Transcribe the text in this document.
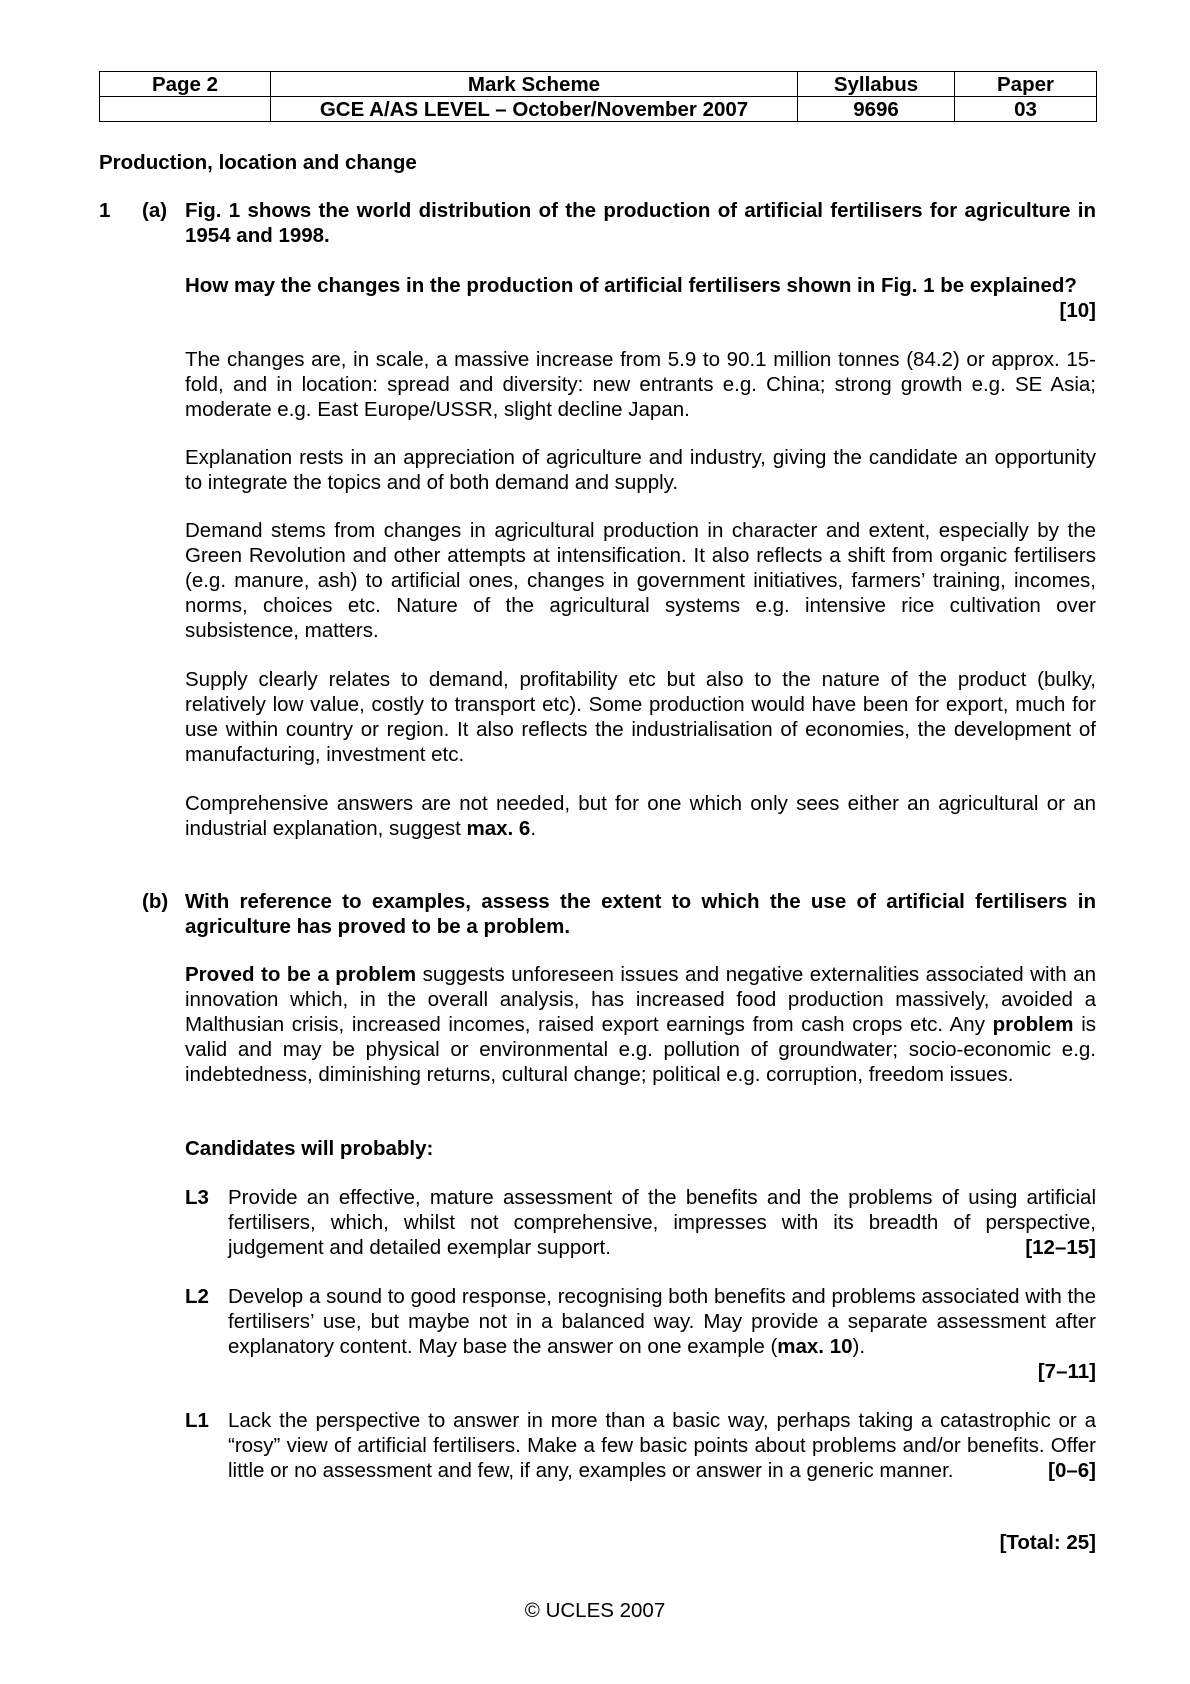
Page 2	Mark Scheme	Syllabus	Paper
	GCE A/AS LEVEL – October/November 2007	9696	03
Production, location and change
1 (a) Fig. 1 shows the world distribution of the production of artificial fertilisers for agriculture in 1954 and 1998.
How may the changes in the production of artificial fertilisers shown in Fig. 1 be explained?
[10]
The changes are, in scale, a massive increase from 5.9 to 90.1 million tonnes (84.2) or approx. 15-fold, and in location: spread and diversity: new entrants e.g. China; strong growth e.g. SE Asia; moderate e.g. East Europe/USSR, slight decline Japan.
Explanation rests in an appreciation of agriculture and industry, giving the candidate an opportunity to integrate the topics and of both demand and supply.
Demand stems from changes in agricultural production in character and extent, especially by the Green Revolution and other attempts at intensification. It also reflects a shift from organic fertilisers (e.g. manure, ash) to artificial ones, changes in government initiatives, farmers’ training, incomes, norms, choices etc. Nature of the agricultural systems e.g. intensive rice cultivation over subsistence, matters.
Supply clearly relates to demand, profitability etc but also to the nature of the product (bulky, relatively low value, costly to transport etc). Some production would have been for export, much for use within country or region. It also reflects the industrialisation of economies, the development of manufacturing, investment etc.
Comprehensive answers are not needed, but for one which only sees either an agricultural or an industrial explanation, suggest max. 6.
(b) With reference to examples, assess the extent to which the use of artificial fertilisers in agriculture has proved to be a problem.
Proved to be a problem suggests unforeseen issues and negative externalities associated with an innovation which, in the overall analysis, has increased food production massively, avoided a Malthusian crisis, increased incomes, raised export earnings from cash crops etc. Any problem is valid and may be physical or environmental e.g. pollution of groundwater; socio-economic e.g. indebtedness, diminishing returns, cultural change; political e.g. corruption, freedom issues.
Candidates will probably:
L3 Provide an effective, mature assessment of the benefits and the problems of using artificial fertilisers, which, whilst not comprehensive, impresses with its breadth of perspective, judgement and detailed exemplar support.	[12–15]
L2 Develop a sound to good response, recognising both benefits and problems associated with the fertilisers’ use, but maybe not in a balanced way. May provide a separate assessment after explanatory content. May base the answer on one example (max. 10).
[7–11]
L1 Lack the perspective to answer in more than a basic way, perhaps taking a catastrophic or a “rosy” view of artificial fertilisers. Make a few basic points about problems and/or benefits. Offer little or no assessment and few, if any, examples or answer in a generic manner.	[0–6]
[Total: 25]
© UCLES 2007
